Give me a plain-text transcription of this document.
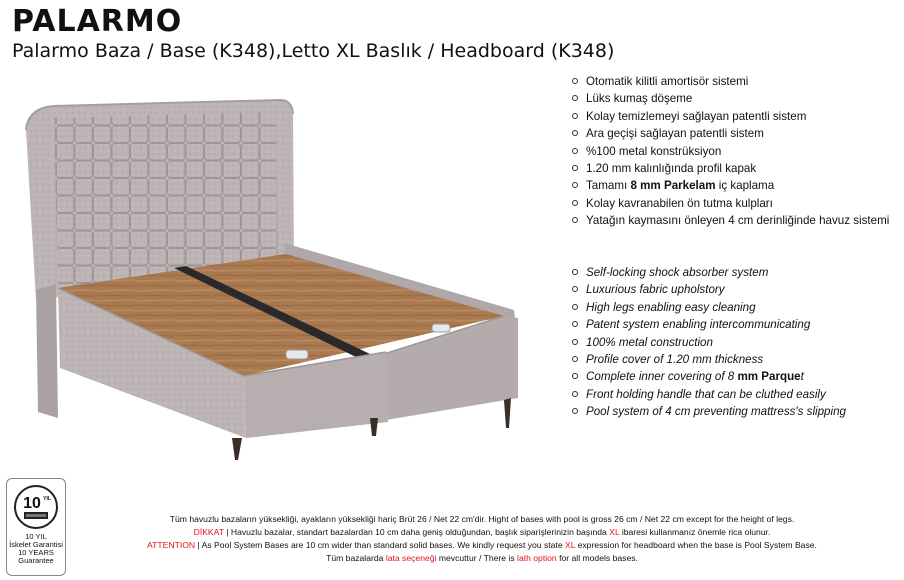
PALARMO
Palarmo Baza / Base (K348),Letto XL Baslık / Headboard (K348)
Otomatik kilitli amortisör sistemi
Lüks kumaş döşeme
Kolay temizlemeyi sağlayan patentli sistem
Ara geçişi sağlayan patentli sistem
%100 metal konstrüksiyon
1.20 mm kalınlığında profil kapak
Tamamı 8 mm Parkelam iç kaplama
Kolay kavranabilen ön tutma kulpları
Yatağın kaymasını önleyen 4 cm derinliğinde havuz sistemi
Self-locking shock absorber system
Luxurious fabric upholstory
High legs enabling easy cleaning
Patent system enabling intercommunicating
100% metal construction
Profile cover of 1.20 mm thickness
Complete inner covering of 8 mm Parquet
Front holding handle that can be cluthed easily
Pool system of 4 cm preventing mattress's slipping
10 YIL
10 YIL
İskelet Garantisi
10 YEARS
Guarantee
Tüm havuzlu bazaların yüksekliği, ayakların yüksekliği hariç Brüt 26 / Net 22 cm'dir. Hight of bases with pool is gross 26 cm / Net 22 cm except for the height of legs.
DİKKAT | Havuzlu bazalar, standart bazalardan 10 cm daha geniş olduğundan, başlık siparişlerinizin başında XL ibaresi kullanmanız önemle rica olunur.
ATTENTION | As Pool System Bases are 10 cm wider than standard solid bases. We kindly request you state XL expression for headboard when the base is Pool System Base.
Tüm bazalarda lata seçeneği mevcuttur / There is lath option for all models bases.
